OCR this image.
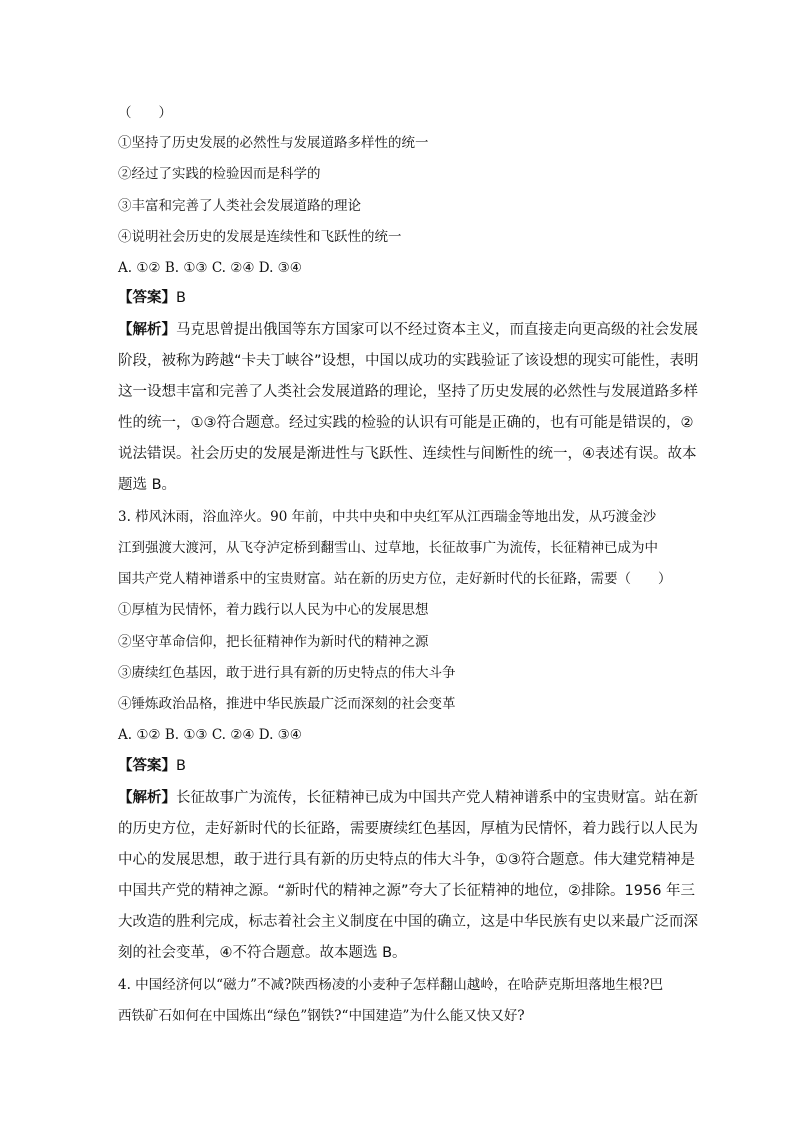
（　　）
①坚持了历史发展的必然性与发展道路多样性的统一
②经过了实践的检验因而是科学的
③丰富和完善了人类社会发展道路的理论
④说明社会历史的发展是连续性和飞跃性的统一
A. ①② B. ①③ C. ②④ D. ③④
【答案】B
【解析】马克思曾提出俄国等东方国家可以不经过资本主义，而直接走向更高级的社会发展
阶段，被称为跨越“卡夫丁峡谷”设想，中国以成功的实践验证了该设想的现实可能性，表明
这一设想丰富和完善了人类社会发展道路的理论，坚持了历史发展的必然性与发展道路多样
性的统一，①③符合题意。经过实践的检验的认识有可能是正确的，也有可能是错误的，②
说法错误。社会历史的发展是渐进性与飞跃性、连续性与间断性的统一，④表述有误。故本
题选 B。
3. 栉风沐雨，浴血淬火。90 年前，中共中央和中央红军从江西瑞金等地出发，从巧渡金沙
江到强渡大渡河，从飞夺泸定桥到翻雪山、过草地，长征故事广为流传，长征精神已成为中
国共产党人精神谱系中的宝贵财富。站在新的历史方位，走好新时代的长征路，需要（　　）
①厚植为民情怀，着力践行以人民为中心的发展思想
②坚守革命信仰，把长征精神作为新时代的精神之源
③赓续红色基因，敢于进行具有新的历史特点的伟大斗争
④锤炼政治品格，推进中华民族最广泛而深刻的社会变革
A. ①② B. ①③ C. ②④ D. ③④
【答案】B
【解析】长征故事广为流传，长征精神已成为中国共产党人精神谱系中的宝贵财富。站在新
的历史方位，走好新时代的长征路，需要赓续红色基因，厚植为民情怀，着力践行以人民为
中心的发展思想，敢于进行具有新的历史特点的伟大斗争，①③符合题意。伟大建党精神是
中国共产党的精神之源。“新时代的精神之源”夸大了长征精神的地位，②排除。1956 年三
大改造的胜利完成，标志着社会主义制度在中国的确立，这是中华民族有史以来最广泛而深
刻的社会变革，④不符合题意。故本题选 B。
4. 中国经济何以“磁力”不减?陕西杨凌的小麦种子怎样翻山越岭，在哈萨克斯坦落地生根?巴
西铁矿石如何在中国炼出“绿色”钢铁?“中国建造”为什么能又快又好?
